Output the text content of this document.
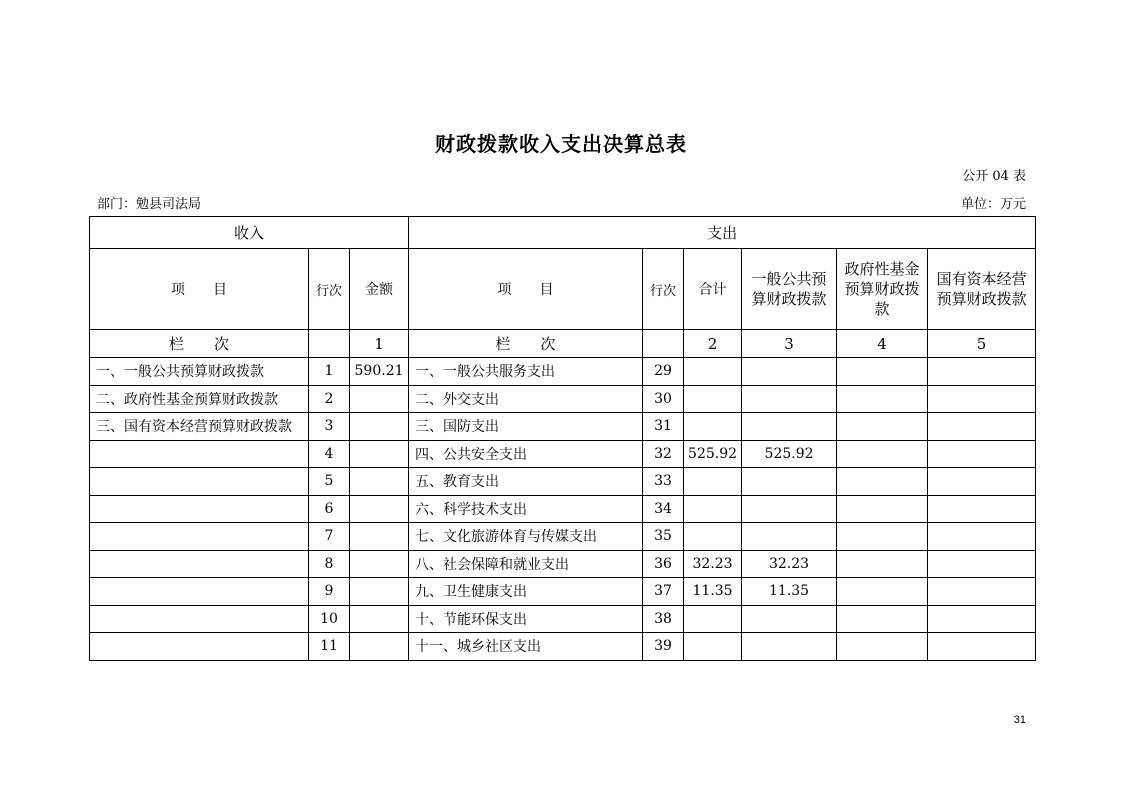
财政拨款收入支出决算总表
公开 04 表
部门：勉县司法局	单位：万元
收入			支出					
项　　目	行次	金额	项　　目	行次	合计	一般公共预算财政拨款	政府性基金预算财政拨款	国有资本经营预算财政拨款
栏　　次		1	栏　　次		2	3	4	5
一、一般公共预算财政拨款	1	590.21	一、一般公共服务支出	29				
二、政府性基金预算财政拨款	2		二、外交支出	30				
三、国有资本经营预算财政拨款	3		三、国防支出	31				
	4		四、公共安全支出	32	525.92	525.92		
	5		五、教育支出	33				
	6		六、科学技术支出	34				
	7		七、文化旅游体育与传媒支出	35				
	8		八、社会保障和就业支出	36	32.23	32.23		
	9		九、卫生健康支出	37	11.35	11.35		
	10		十、节能环保支出	38				
	11		十一、城乡社区支出	39				
31
